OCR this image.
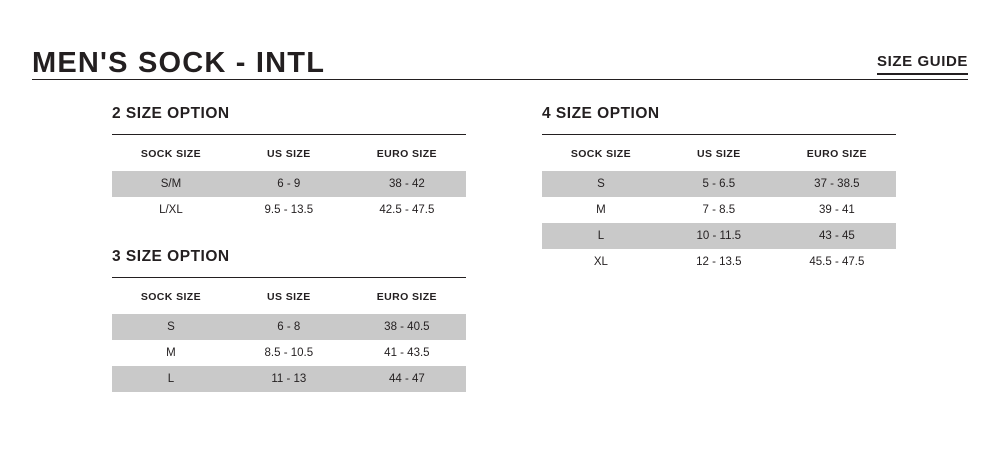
MEN'S SOCK - INTL	SIZE GUIDE
2 SIZE OPTION
SOCK SIZE	US SIZE	EURO SIZE
S/M	6 - 9	38 - 42
L/XL	9.5 - 13.5	42.5 - 47.5
3 SIZE OPTION
SOCK SIZE	US SIZE	EURO SIZE
S	6 - 8	38 - 40.5
M	8.5 - 10.5	41 - 43.5
L	11 - 13	44 - 47
4 SIZE OPTION
SOCK SIZE	US SIZE	EURO SIZE
S	5 - 6.5	37 - 38.5
M	7 - 8.5	39 - 41
L	10 - 11.5	43 - 45
XL	12 - 13.5	45.5 - 47.5
